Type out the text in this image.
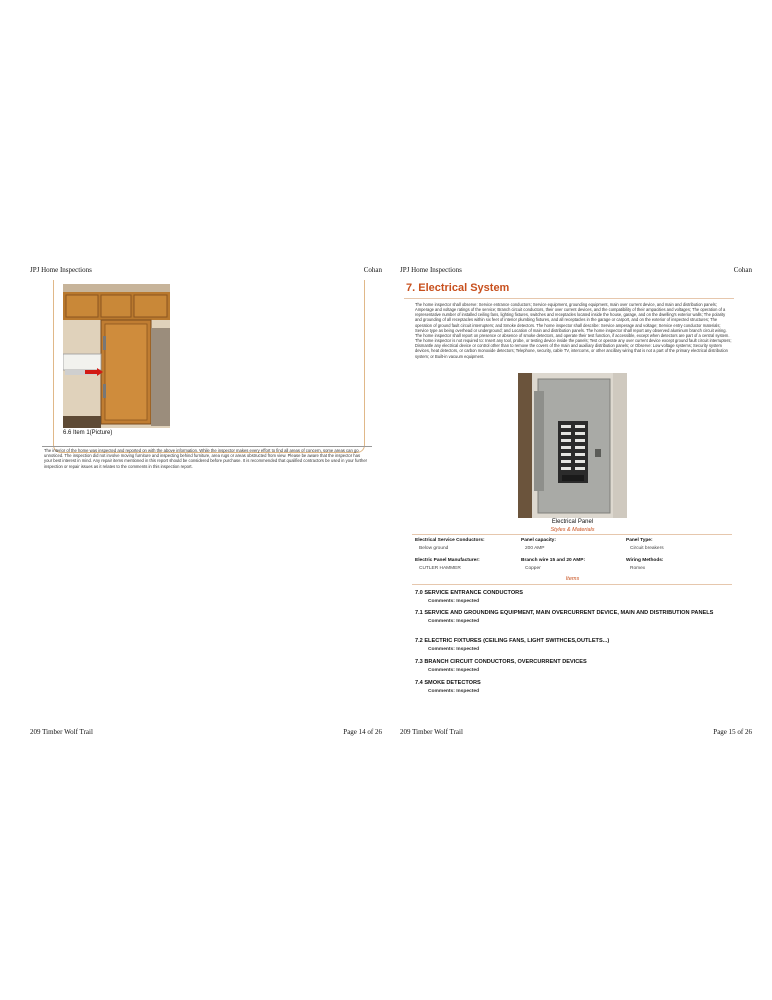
JPJ Home Inspections	Cohan
6.6 Item 1(Picture)
The interior of the home was inspected and reported on with the above information. While the inspector makes every effort to find all areas of concern, some areas can go unnoticed. The inspection did not involve moving furniture and inspecting behind furniture, area rugs or areas obstructed from view. Please be aware that the inspector has your best interest in mind. Any repair items mentioned in this report should be considered before purchase. It is recommended that qualified contractors be used in your further inspection or repair issues as it relates to the comments in this inspection report.
209 Timber Wolf Trail	Page 14 of 26
JPJ Home Inspections	Cohan
7. Electrical System
The home inspector shall observe: Service entrance conductors; Service equipment, grounding equipment, main over current device, and main and distribution panels; Amperage and voltage ratings of the service; Branch circuit conductors, their over current devices, and the compatibility of their ampacities and voltages; The operation of a representative number of installed ceiling fans, lighting fixtures, switches and receptacles located inside the house, garage, and on the dwelling's exterior walls; The polarity and grounding of all receptacles within six feet of interior plumbing fixtures, and all receptacles in the garage or carport, and on the exterior of inspected structures; The operation of ground fault circuit interrupters; and Smoke detectors. The home inspector shall describe: Service amperage and voltage; Service entry conductor materials; Service type as being overhead or underground; and Location of main and distribution panels. The home inspector shall report any observed aluminum branch circuit wiring. The home inspector shall report on presence or absence of smoke detectors, and operate their test function, if accessible, except when detectors are part of a central system. The home inspector is not required to: Insert any tool, probe, or testing device inside the panels; Test or operate any over current device except ground fault circuit interrupters; Dismantle any electrical device or control other than to remove the covers of the main and auxiliary distribution panels; or Observe: Low voltage systems; Security system devices, heat detectors, or carbon monoxide detectors; Telephone, security, cable TV, intercoms, or other ancillary wiring that is not a part of the primary electrical distribution system; or Built-in vacuum equipment.
Electrical Panel
Styles & Materials
Electrical Service Conductors:
Below ground
Panel capacity:
200 AMP
Panel Type:
Circuit breakers
Electric Panel Manufacturer:
CUTLER HAMMER
Branch wire 15 and 20 AMP:
Copper
Wiring Methods:
Romex
Items
7.0 SERVICE ENTRANCE CONDUCTORS
Comments: Inspected
7.1 SERVICE AND GROUNDING EQUIPMENT, MAIN OVERCURRENT DEVICE, MAIN AND DISTRIBUTION PANELS
Comments: Inspected
7.2 ELECTRIC FIXTURES (CEILING FANS, LIGHT SWITHCES,OUTLETS...)
Comments: Inspected
7.3 BRANCH CIRCUIT CONDUCTORS, OVERCURRENT DEVICES
Comments: Inspected
7.4 SMOKE DETECTORS
Comments: Inspected
209 Timber Wolf Trail	Page 15 of 26
